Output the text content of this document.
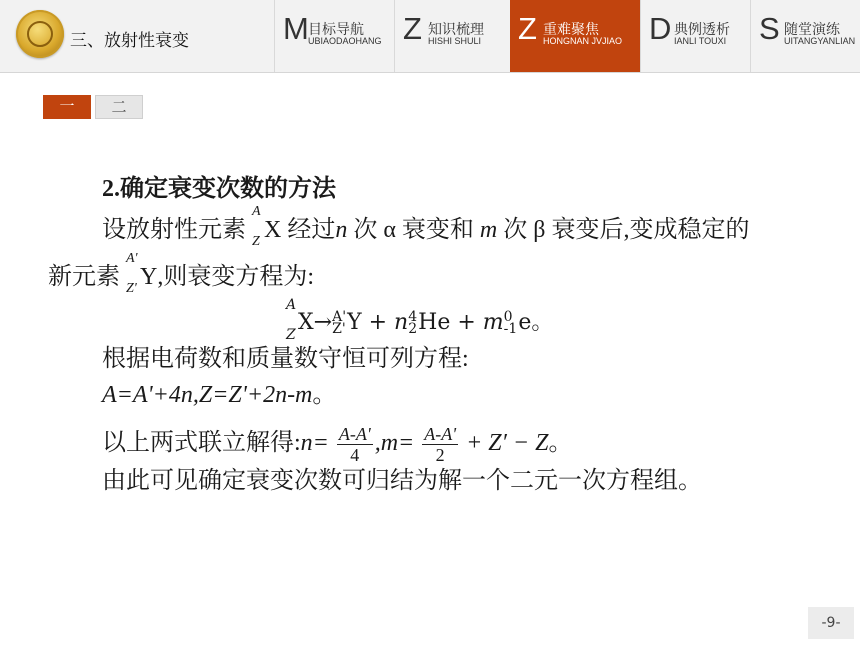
三、放射性衰变	M 目标导航
UBIAODAOHANG Z 知识梳理
HISHI SHULI Z 重难聚焦
HONGNAN JVJIAO D 典例透析
IANLI TOUXI S 随堂演练
UITANGYANLIAN
一	二
2.确定衰变次数的方法
设放射性元素
A
Z X 经过n 次 α 衰变和 m 次 β 衰变后,变成稳定的
新元素
A'
Z' Y,则衰变方程为:
A
Z X→ A'
Z' Y + n 4
2 He + m 0
-1 e。
根据电荷数和质量数守恒可列方程:
A=A'+4n,Z=Z'+2n-m。
以上两式联立解得:n= $\frac{A-A'}{4} ,m= \frac{A-A'}{2} + Z' - Z$。
由此可见确定衰变次数可归结为解一个二元一次方程组。
-9-
